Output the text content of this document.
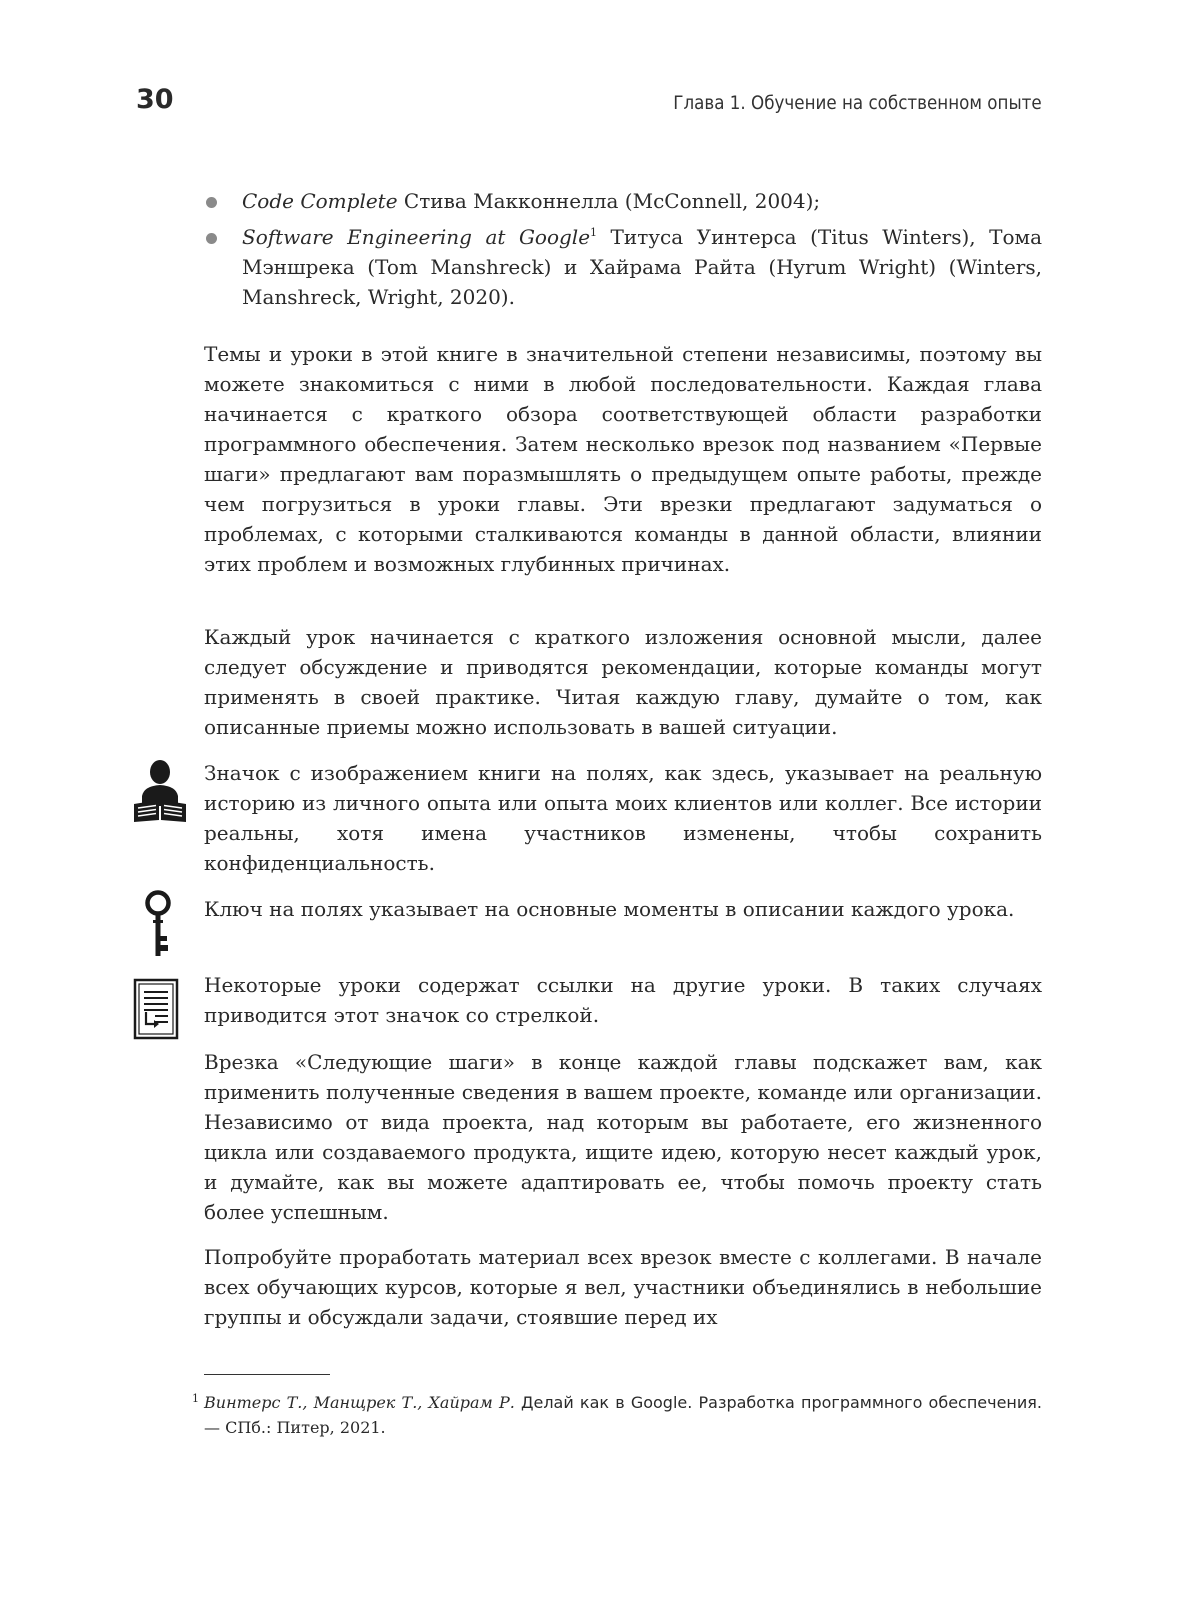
30	Глава 1. Обучение на собственном опыте
Code Complete Стива Макконнелла (McConnell, 2004);
Software Engineering at Google$^1$ Титуса Уинтерса (Titus Winters), Тома Мэншрека (Tom Manshreck) и Хайрама Райта (Hyrum Wright) (Winters, Manshreck, Wright, 2020).

Темы и уроки в этой книге в значительной степени независимы, поэтому вы можете знакомиться с ними в любой последовательности. Каждая глава начинается с краткого обзора соответствующей области разработки программного обеспечения. Затем несколько врезок под названием «Первые шаги» предлагают вам поразмышлять о предыдущем опыте работы, прежде чем погрузиться в уроки главы. Эти врезки предлагают задуматься о проблемах, с которыми сталкиваются команды в данной области, влиянии этих проблем и возможных глубинных причинах.

Каждый урок начинается с краткого изложения основной мысли, далее следует обсуждение и приводятся рекомендации, которые команды могут применять в своей практике. Читая каждую главу, думайте о том, как описанные приемы можно использовать в вашей ситуации.

Значок с изображением книги на полях, как здесь, указывает на реальную историю из личного опыта или опыта моих клиентов или коллег. Все истории реальны, хотя имена участников изменены, чтобы сохранить конфиденциальность.

Ключ на полях указывает на основные моменты в описании каждого урока.

Некоторые уроки содержат ссылки на другие уроки. В таких случаях приводится этот значок со стрелкой.

Врезка «Следующие шаги» в конце каждой главы подскажет вам, как применить полученные сведения в вашем проекте, команде или организации. Независимо от вида проекта, над которым вы работаете, его жизненного цикла или создаваемого продукта, ищите идею, которую несет каждый урок, и думайте, как вы можете адаптировать ее, чтобы помочь проекту стать более успешным.

Попробуйте проработать материал всех врезок вместе с коллегами. В начале всех обучающих курсов, которые я вел, участники объединялись в небольшие группы и обсуждали задачи, стоявшие перед их

1 Винтерс Т., Манщрек Т., Хайрам Р. Делай как в Google. Разработка программного обеспечения. — СПб.: Питер, 2021.
